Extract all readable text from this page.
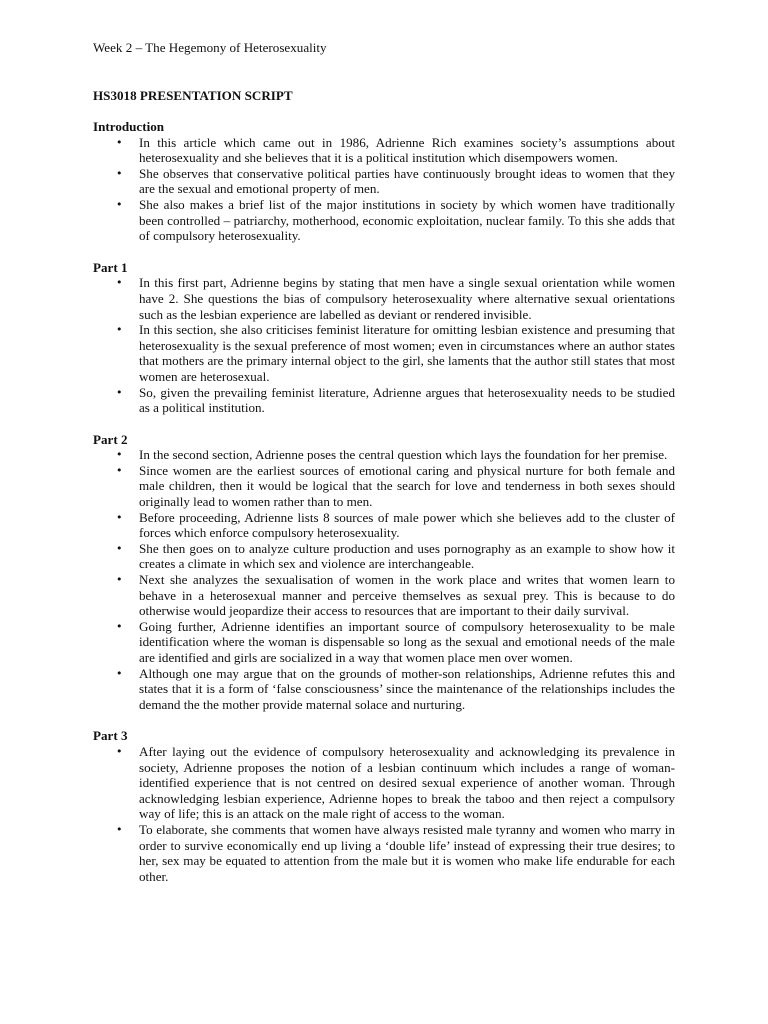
Week 2 – The Hegemony of Heterosexuality

HS3018 PRESENTATION SCRIPT

Introduction

• In this article which came out in 1986, Adrienne Rich examines society’s assumptions about heterosexuality and she believes that it is a political institution which disempowers women.
• She observes that conservative political parties have continuously brought ideas to women that they are the sexual and emotional property of men.
• She also makes a brief list of the major institutions in society by which women have traditionally been controlled – patriarchy, motherhood, economic exploitation, nuclear family. To this she adds that of compulsory heterosexuality.

Part 1

• In this first part, Adrienne begins by stating that men have a single sexual orientation while women have 2. She questions the bias of compulsory heterosexuality where alternative sexual orientations such as the lesbian experience are labelled as deviant or rendered invisible.
• In this section, she also criticises feminist literature for omitting lesbian existence and presuming that heterosexuality is the sexual preference of most women; even in circumstances where an author states that mothers are the primary internal object to the girl, she laments that the author still states that most women are heterosexual.
• So, given the prevailing feminist literature, Adrienne argues that heterosexuality needs to be studied as a political institution.

Part 2

• In the second section, Adrienne poses the central question which lays the foundation for her premise.
• Since women are the earliest sources of emotional caring and physical nurture for both female and male children, then it would be logical that the search for love and tenderness in both sexes should originally lead to women rather than to men.
• Before proceeding, Adrienne lists 8 sources of male power which she believes add to the cluster of forces which enforce compulsory heterosexuality.
• She then goes on to analyze culture production and uses pornography as an example to show how it creates a climate in which sex and violence are interchangeable.
• Next she analyzes the sexualisation of women in the work place and writes that women learn to behave in a heterosexual manner and perceive themselves as sexual prey. This is because to do otherwise would jeopardize their access to resources that are important to their daily survival.
• Going further, Adrienne identifies an important source of compulsory heterosexuality to be male identification where the woman is dispensable so long as the sexual and emotional needs of the male are identified and girls are socialized in a way that women place men over women.
• Although one may argue that on the grounds of mother-son relationships, Adrienne refutes this and states that it is a form of ‘false consciousness’ since the maintenance of the relationships includes the demand the the mother provide maternal solace and nurturing.

Part 3

• After laying out the evidence of compulsory heterosexuality and acknowledging its prevalence in society, Adrienne proposes the notion of a lesbian continuum which includes a range of woman-identified experience that is not centred on desired sexual experience of another woman. Through acknowledging lesbian experience, Adrienne hopes to break the taboo and then reject a compulsory way of life; this is an attack on the male right of access to the woman.
• To elaborate, she comments that women have always resisted male tyranny and women who marry in order to survive economically end up living a ‘double life’ instead of expressing their true desires; to her, sex may be equated to attention from the male but it is women who make life endurable for each other.
